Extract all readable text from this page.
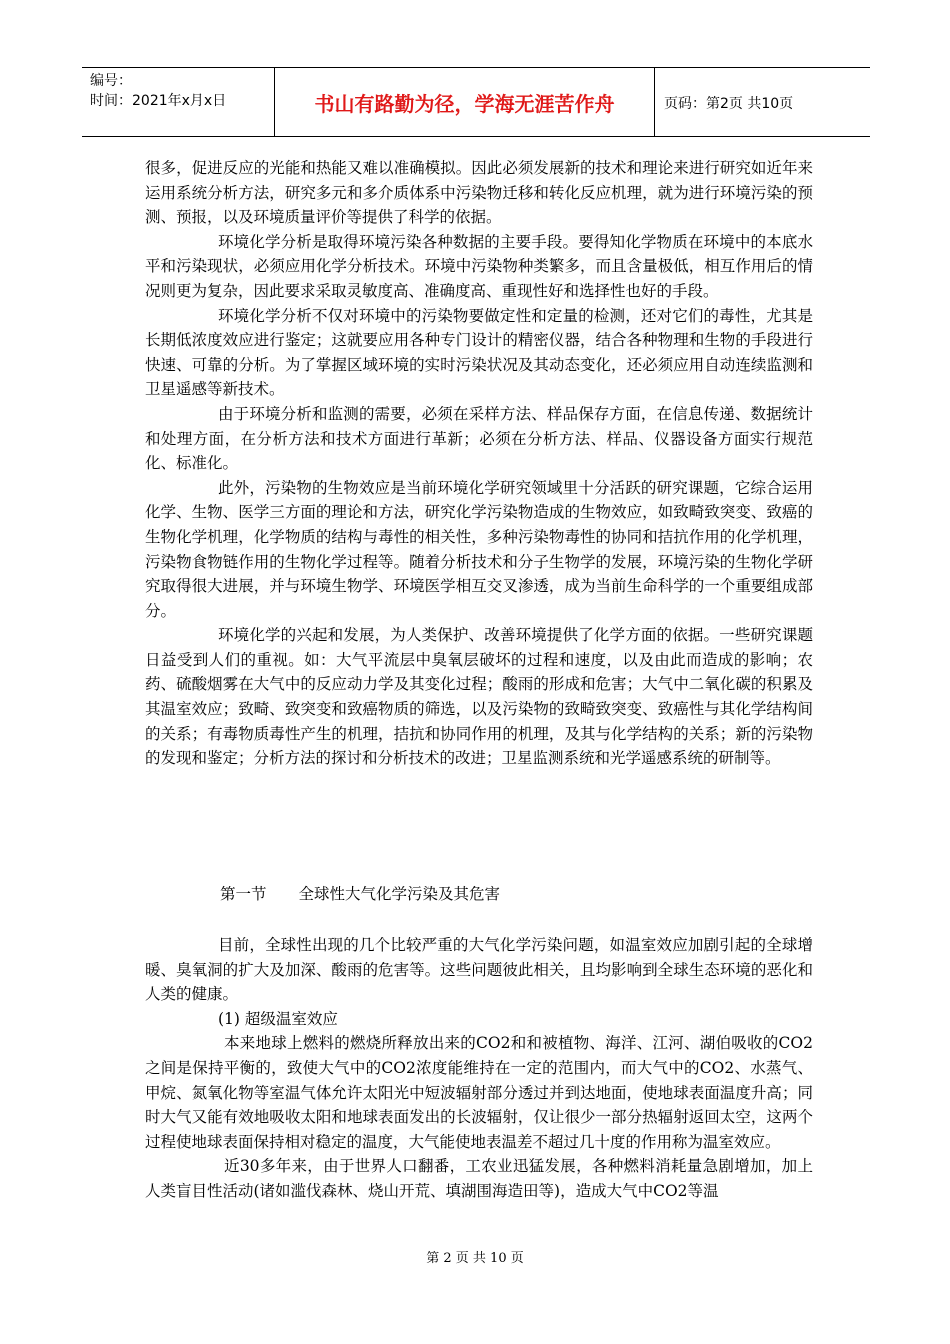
编号：
时间：2021年x月x日	书山有路勤为径，学海无涯苦作舟	页码：第2页 共10页

很多，促进反应的光能和热能又难以准确模拟。因此必须发展新的技术和理论来进行研究如近年来运用系统分析方法，研究多元和多介质体系中污染物迁移和转化反应机理，就为进行环境污染的预测、预报，以及环境质量评价等提供了科学的依据。

环境化学分析是取得环境污染各种数据的主要手段。要得知化学物质在环境中的本底水平和污染现状，必须应用化学分析技术。环境中污染物种类繁多，而且含量极低，相互作用后的情况则更为复杂，因此要求采取灵敏度高、准确度高、重现性好和选择性也好的手段。

环境化学分析不仅对环境中的污染物要做定性和定量的检测，还对它们的毒性，尤其是长期低浓度效应进行鉴定；这就要应用各种专门设计的精密仪器，结合各种物理和生物的手段进行快速、可靠的分析。为了掌握区域环境的实时污染状况及其动态变化，还必须应用自动连续监测和卫星遥感等新技术。

由于环境分析和监测的需要，必须在采样方法、样品保存方面，在信息传递、数据统计和处理方面，在分析方法和技术方面进行革新；必须在分析方法、样品、仪器设备方面实行规范化、标准化。

此外，污染物的生物效应是当前环境化学研究领域里十分活跃的研究课题，它综合运用化学、生物、医学三方面的理论和方法，研究化学污染物造成的生物效应，如致畸致突变、致癌的生物化学机理，化学物质的结构与毒性的相关性，多种污染物毒性的协同和拮抗作用的化学机理，污染物食物链作用的生物化学过程等。随着分析技术和分子生物学的发展，环境污染的生物化学研究取得很大进展，并与环境生物学、环境医学相互交叉渗透，成为当前生命科学的一个重要组成部分。

环境化学的兴起和发展，为人类保护、改善环境提供了化学方面的依据。一些研究课题日益受到人们的重视。如：大气平流层中臭氧层破坏的过程和速度，以及由此而造成的影响；农药、硫酸烟雾在大气中的反应动力学及其变化过程；酸雨的形成和危害；大气中二氧化碳的积累及其温室效应；致畸、致突变和致癌物质的筛选，以及污染物的致畸致突变、致癌性与其化学结构间的关系；有毒物质毒性产生的机理，拮抗和协同作用的机理，及其与化学结构的关系；新的污染物的发现和鉴定；分析方法的探讨和分析技术的改进；卫星监测系统和光学遥感系统的研制等。

第一节 全球性大气化学污染及其危害

目前，全球性出现的几个比较严重的大气化学污染问题，如温室效应加剧引起的全球增暖、臭氧洞的扩大及加深、酸雨的危害等。这些问题彼此相关，且均影响到全球生态环境的恶化和人类的健康。

(1) 超级温室效应

本来地球上燃料的燃烧所释放出来的CO2和和被植物、海洋、江河、湖伯吸收的CO2之间是保持平衡的，致使大气中的CO2浓度能维持在一定的范围内，而大气中的CO2、水蒸气、甲烷、氮氧化物等室温气体允许太阳光中短波辐射部分透过并到达地面，使地球表面温度升高；同时大气又能有效地吸收太阳和地球表面发出的长波辐射，仅让很少一部分热辐射返回太空，这两个过程使地球表面保持相对稳定的温度，大气能使地表温差不超过几十度的作用称为温室效应。

近30多年来，由于世界人口翻番，工农业迅猛发展，各种燃料消耗量急剧增加，加上人类盲目性活动(诸如滥伐森林、烧山开荒、填湖围海造田等)，造成大气中CO2等温

第 2 页 共 10 页
